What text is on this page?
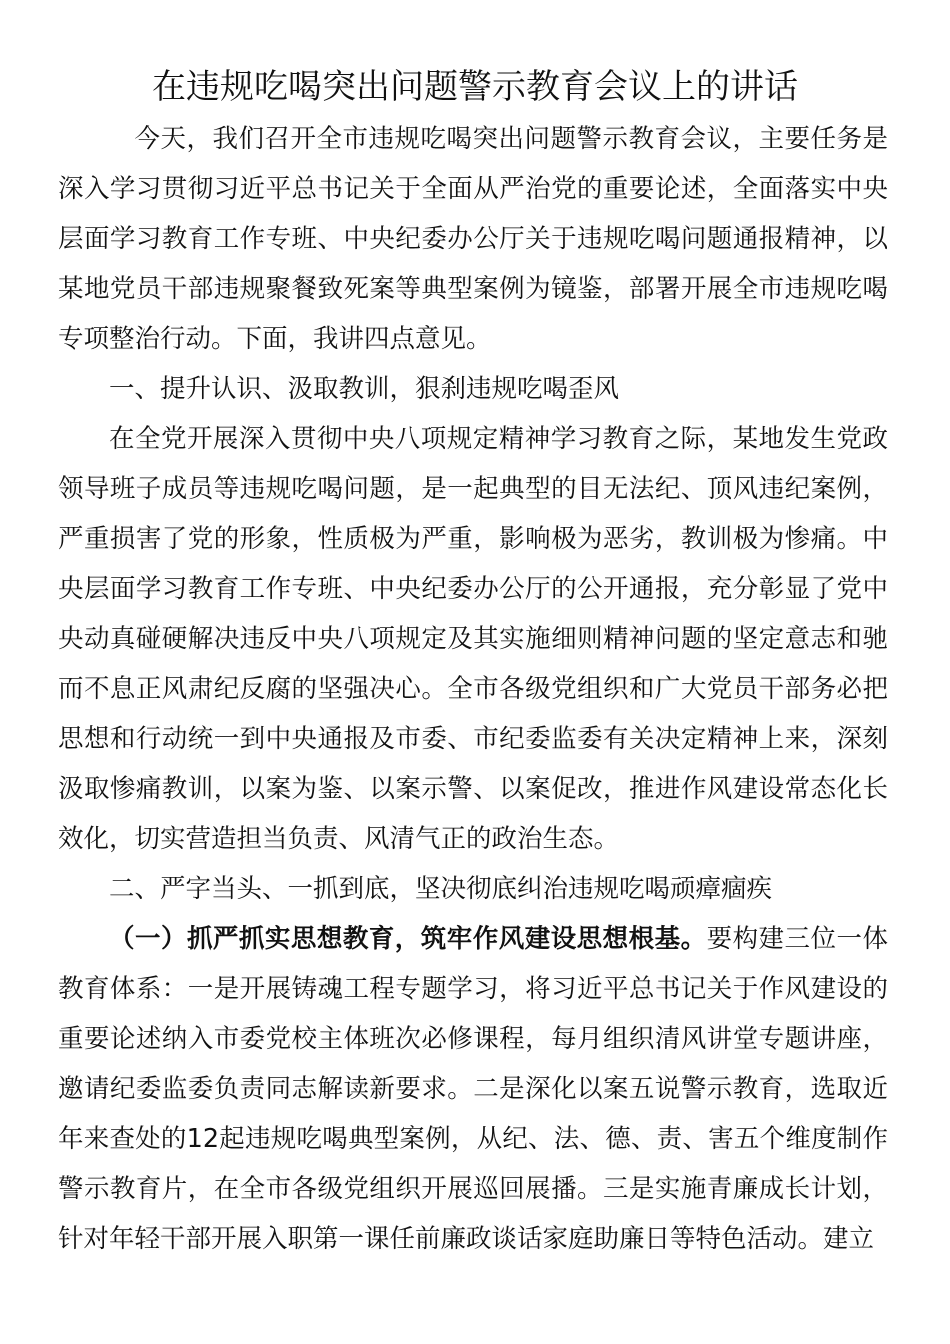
在违规吃喝突出问题警示教育会议上的讲话

今天，我们召开全市违规吃喝突出问题警示教育会议，主要任务是深入学习贯彻习近平总书记关于全面从严治党的重要论述，全面落实中央层面学习教育工作专班、中央纪委办公厅关于违规吃喝问题通报精神，以某地党员干部违规聚餐致死案等典型案例为镜鉴，部署开展全市违规吃喝专项整治行动。下面，我讲四点意见。

一、提升认识、汲取教训，狠刹违规吃喝歪风

在全党开展深入贯彻中央八项规定精神学习教育之际，某地发生党政领导班子成员等违规吃喝问题，是一起典型的目无法纪、顶风违纪案例，严重损害了党的形象，性质极为严重，影响极为恶劣，教训极为惨痛。中央层面学习教育工作专班、中央纪委办公厅的公开通报，充分彰显了党中央动真碰硬解决违反中央八项规定及其实施细则精神问题的坚定意志和驰而不息正风肃纪反腐的坚强决心。全市各级党组织和广大党员干部务必把思想和行动统一到中央通报及市委、市纪委监委有关决定精神上来，深刻汲取惨痛教训，以案为鉴、以案示警、以案促改，推进作风建设常态化长效化，切实营造担当负责、风清气正的政治生态。

二、严字当头、一抓到底，坚决彻底纠治违规吃喝顽瘴痼疾

（一）抓严抓实思想教育，筑牢作风建设思想根基。要构建三位一体教育体系：一是开展铸魂工程专题学习，将习近平总书记关于作风建设的重要论述纳入市委党校主体班次必修课程，每月组织清风讲堂专题讲座，邀请纪委监委负责同志解读新要求。二是深化以案五说警示教育，选取近年来查处的12起违规吃喝典型案例，从纪、法、德、责、害五个维度制作警示教育片，在全市各级党组织开展巡回展播。三是实施青廉成长计划，针对年轻干部开展入职第一课任前廉政谈话家庭助廉日等特色活动。建立
